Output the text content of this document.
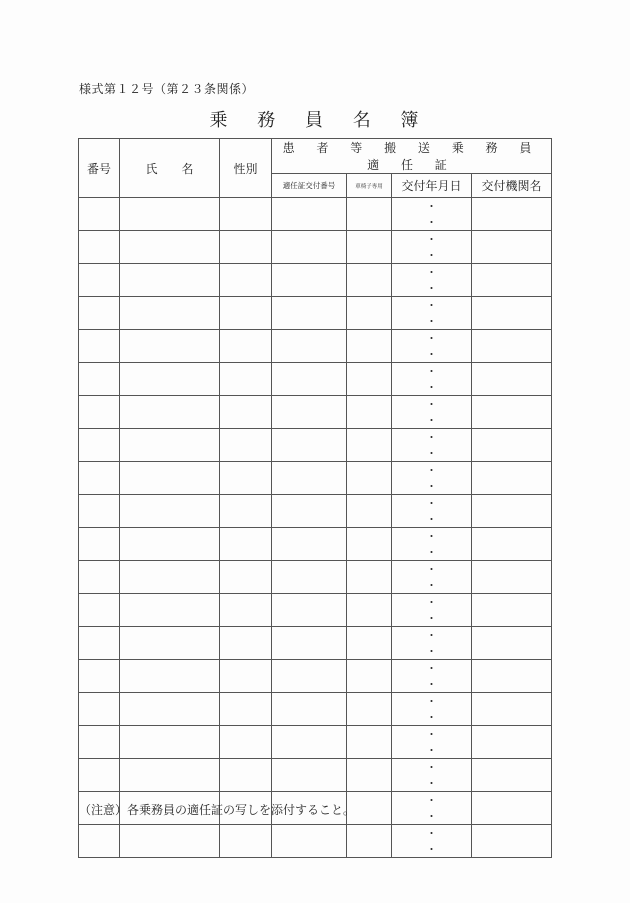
様式第１２号（第２３条関係）
乗 務 員 名 簿
番号	氏　　名	性別	患 者 等 搬 送 乗 務 員 適 任 証			
			適任証交付番号	車椅子専用	交付年月日	交付機関名
					・ ・	
					・ ・	
					・ ・	
					・ ・	
					・ ・	
					・ ・	
					・ ・	
					・ ・	
					・ ・	
					・ ・	
					・ ・	
					・ ・	
					・ ・	
					・ ・	
					・ ・	
					・ ・	
					・ ・	
					・ ・	
					・ ・	
					・ ・	
（注意）各乗務員の適任証の写しを添付すること。
